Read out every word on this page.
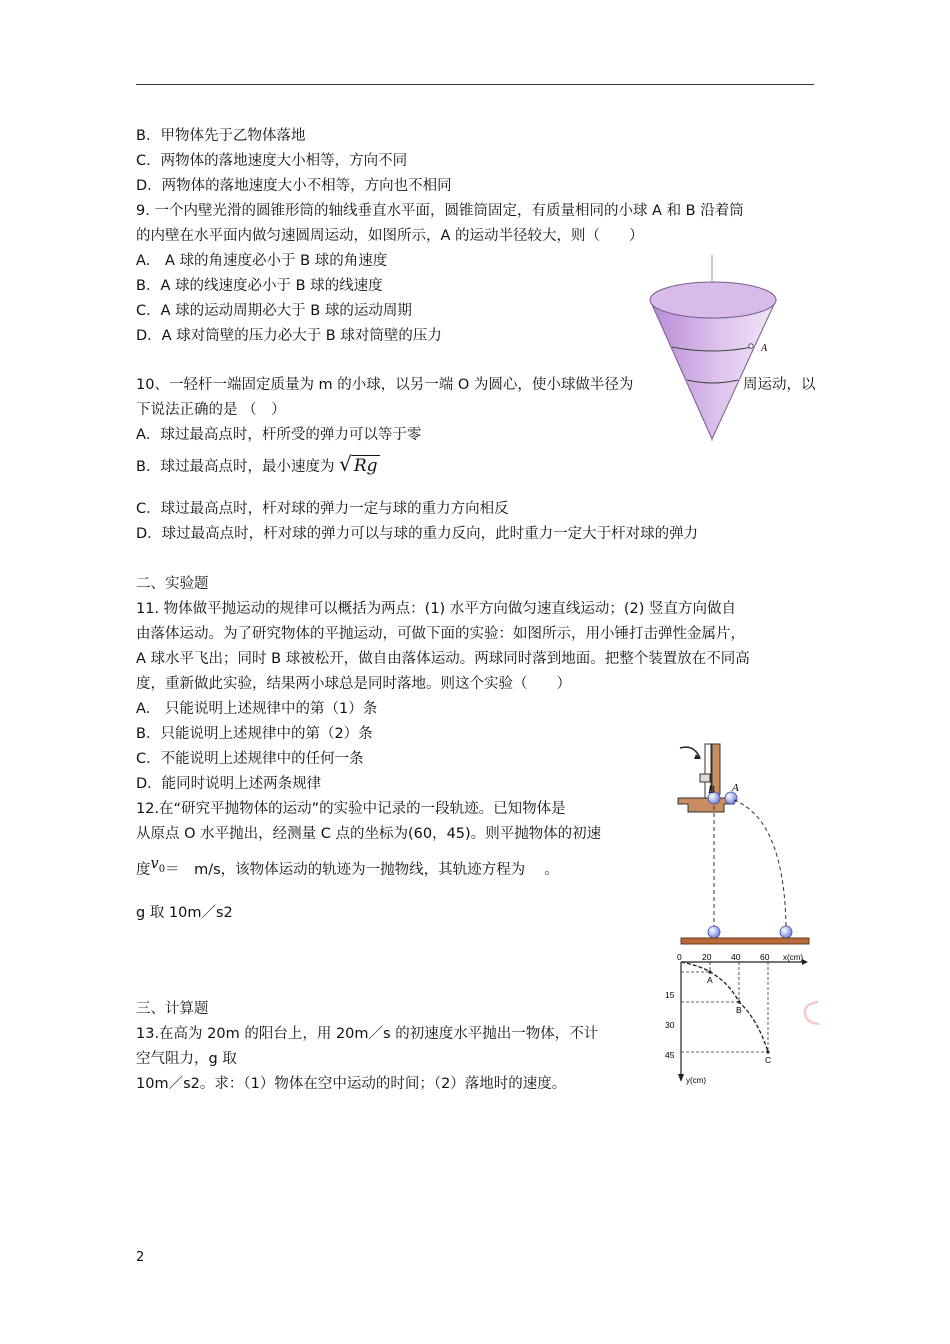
B．甲物体先于乙物体落地
C．两物体的落地速度大小相等，方向不同
D．两物体的落地速度大小不相等，方向也不相同
9. 一个内壁光滑的圆锥形筒的轴线垂直水平面，圆锥筒固定，有质量相同的小球 A 和 B 沿着筒
的内壁在水平面内做匀速圆周运动，如图所示，A 的运动半径较大，则（　　）
A． A 球的角速度必小于 B 球的角速度
B．A 球的线速度必小于 B 球的线速度
C．A 球的运动周期必大于 B 球的运动周期
D．A 球对筒壁的压力必大于 B 球对筒壁的压力
10、一轻杆一端固定质量为 m 的小球，以另一端 O 为圆心，使小球做半径为	周运动，以
下说法正确的是 （　）
A．球过最高点时，杆所受的弹力可以等于零
B．球过最高点时，最小速度为 √ Rg
C．球过最高点时，杆对球的弹力一定与球的重力方向相反
D．球过最高点时，杆对球的弹力可以与球的重力反向，此时重力一定大于杆对球的弹力
二、实验题
11. 物体做平抛运动的规律可以概括为两点：(1) 水平方向做匀速直线运动；(2) 竖直方向做自
由落体运动。为了研究物体的平抛运动，可做下面的实验：如图所示，用小锤打击弹性金属片，
A 球水平飞出；同时 B 球被松开，做自由落体运动。两球同时落到地面。把整个装置放在不同高
度，重新做此实验，结果两小球总是同时落地。则这个实验（　　）
A． 只能说明上述规律中的第（1）条
B．只能说明上述规律中的第（2）条
C．不能说明上述规律中的任何一条
D．能同时说明上述两条规律
12.在“研究平抛物体的运动”的实验中记录的一段轨迹。已知物体是
从原点 O 水平抛出，经测量 C 点的坐标为(60，45)。则平抛物体的初速
度$v_0=$　m/s，该物体运动的轨迹为一抛物线，其轨迹方程为　 。
g 取 10m／s2
三、计算题
13.在高为 20m 的阳台上，用 20m／s 的初速度水平抛出一物体，不计
空气阻力，g 取
10m／s2。求：（1）物体在空中运动的时间；（2）落地时的速度。
A
B A
x(cm)
y(cm)
0 20 40 60
15
30
45
A
B
C
2
